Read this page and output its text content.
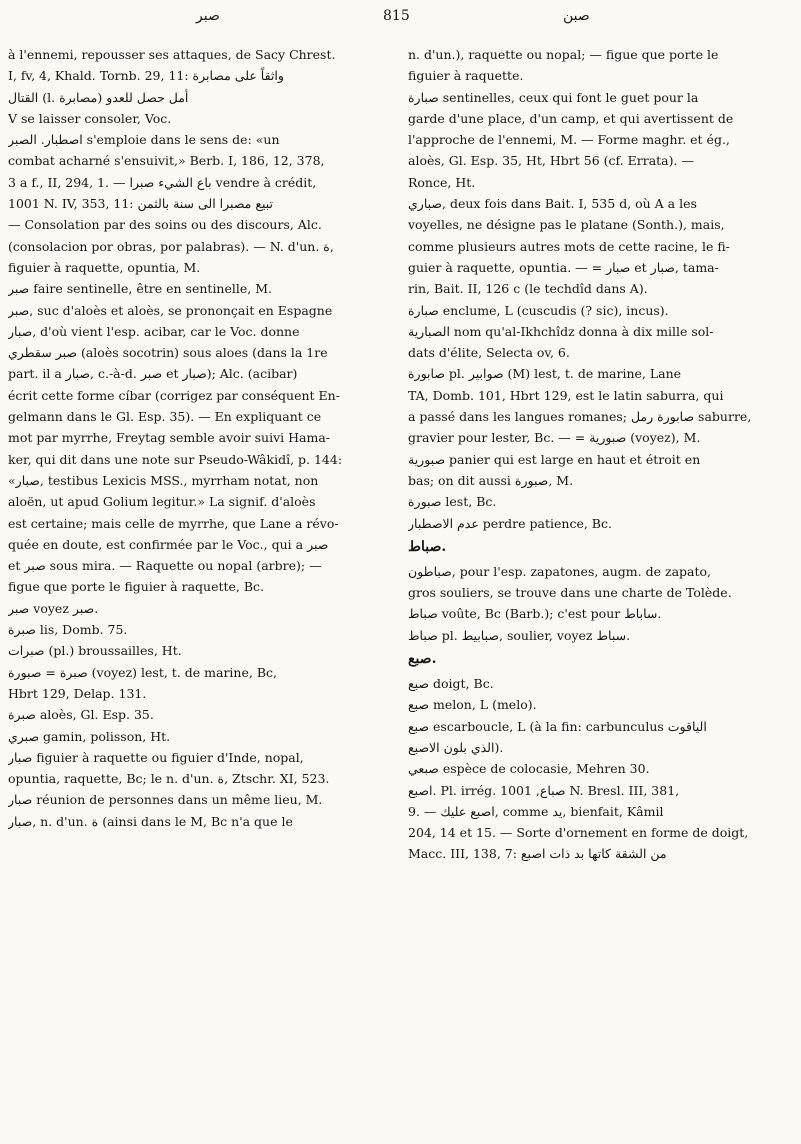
صبر	815	صبن
à l'ennemi, repousser ses attaques, de Sacy Chrest.
I, fv, 4, Khald. Tornb. 29, 11: واثقاً على مصابرة
القتال (l. مصابرة) أمل حصل للعدو
V se laisser consoler, Voc.
اصطبار. الصبر s'emploie dans le sens de: «un
combat acharné s'ensuivit,» Berb. I, 186, 12, 378,
3 a f., II, 294, 1. — باع الشيء صبرا vendre à crédit,
1001 N. IV, 353, 11: تبيع مصبرا الى سنة بالثمن
— Consolation par des soins ou des discours, Alc.
(consolacion por obras, por palabras). — N. d'un. ة,
figuier à raquette, opuntia, M.
صبر faire sentinelle, être en sentinelle, M.
صبر, suc d'aloès et aloès, se prononçait en Espagne
صبار, d'où vient l'esp. acibar, car le Voc. donne
صبر سقطري (aloès socotrin) sous aloes (dans la 1re
part. il a صبار, c.-à-d. صبر et صبار); Alc. (acibar)
écrit cette forme cíbar (corrigez par conséquent En-
gelmann dans le Gl. Esp. 35). — En expliquant ce
mot par myrrhe, Freytag semble avoir suivi Hama-
ker, qui dit dans une note sur Pseudo-Wâkidî, p. 144:
«صبار, testibus Lexicis MSS., myrrham notat, non
aloën, ut apud Golium legitur.» La signif. d'aloès
est certaine; mais celle de myrrhe, que Lane a révo-
quée en doute, est confirmée par le Voc., qui a صبر
et صبر sous mira. — Raquette ou nopal (arbre); —
figue que porte le figuier à raquette, Bc.
صبر voyez صبر.
صبرة lis, Domb. 75.
صبرات (pl.) broussailles, Ht.
صبرة = صبورة (voyez) lest, t. de marine, Bc,
Hbrt 129, Delap. 131.
صبرة aloès, Gl. Esp. 35.
صبري gamin, polisson, Ht.
صبار figuier à raquette ou figuier d'Inde, nopal,
opuntia, raquette, Bc; le n. d'un. ة, Ztschr. XI, 523.
صبار réunion de personnes dans un même lieu, M.
صبار, n. d'un. ة (ainsi dans le M, Bc n'a que le
n. d'un.), raquette ou nopal; — figue que porte le
figuier à raquette.
صبارة sentinelles, ceux qui font le guet pour la
garde d'une place, d'un camp, et qui avertissent de
l'approche de l'ennemi, M. — Forme maghr. et ég.,
aloès, Gl. Esp. 35, Ht, Hbrt 56 (cf. Errata). —
Ronce, Ht.
صباري, deux fois dans Bait. I, 535 d, où A a les
voyelles, ne désigne pas le platane (Sonth.), mais,
comme plusieurs autres mots de cette racine, le fi-
guier à raquette, opuntia. — = صبار et صبار, tama-
rin, Bait. II, 126 c (le techdîd dans A).
صبارة enclume, L (cuscudis (? sic), incus).
الصبارية nom qu'al-Ikhchîdz donna à dix mille sol-
dats d'élite, Selecta ov, 6.
صابورة pl. صوابير (M) lest, t. de marine, Lane
TA, Domb. 101, Hbrt 129, est le latin saburra, qui
a passé dans les langues romanes; صابورة رمل saburre,
gravier pour lester, Bc. — = صبورية (voyez), M.
صبورية panier qui est large en haut et étroit en
bas; on dit aussi صبورة, M.
صبورة lest, Bc.
عدم الاصطبار perdre patience, Bc.
صباط.
صباطون, pour l'esp. zapatones, augm. de zapato,
gros souliers, se trouve dans une charte de Tolède.
صباط voûte, Bc (Barb.); c'est pour ساباط.
صباط pl. صبابيط, soulier, voyez سباط.
صبع.
صبع doigt, Bc.
صبع melon, L (melo).
صبع escarboucle, L (à la fin: carbunculus الياقوت
الذي بلون الاصبع).
صبعي espèce de colocasie, Mehren 30.
اصبع. Pl. irrég. صباع, 1001 N. Bresl. III, 381,
9. — اصبع عليك, comme يد, bienfait, Kâmil
204, 14 et 15. — Sorte d'ornement en forme de doigt,
Macc. III, 138, 7: من الشقة كاتها بد ذات اصبع
